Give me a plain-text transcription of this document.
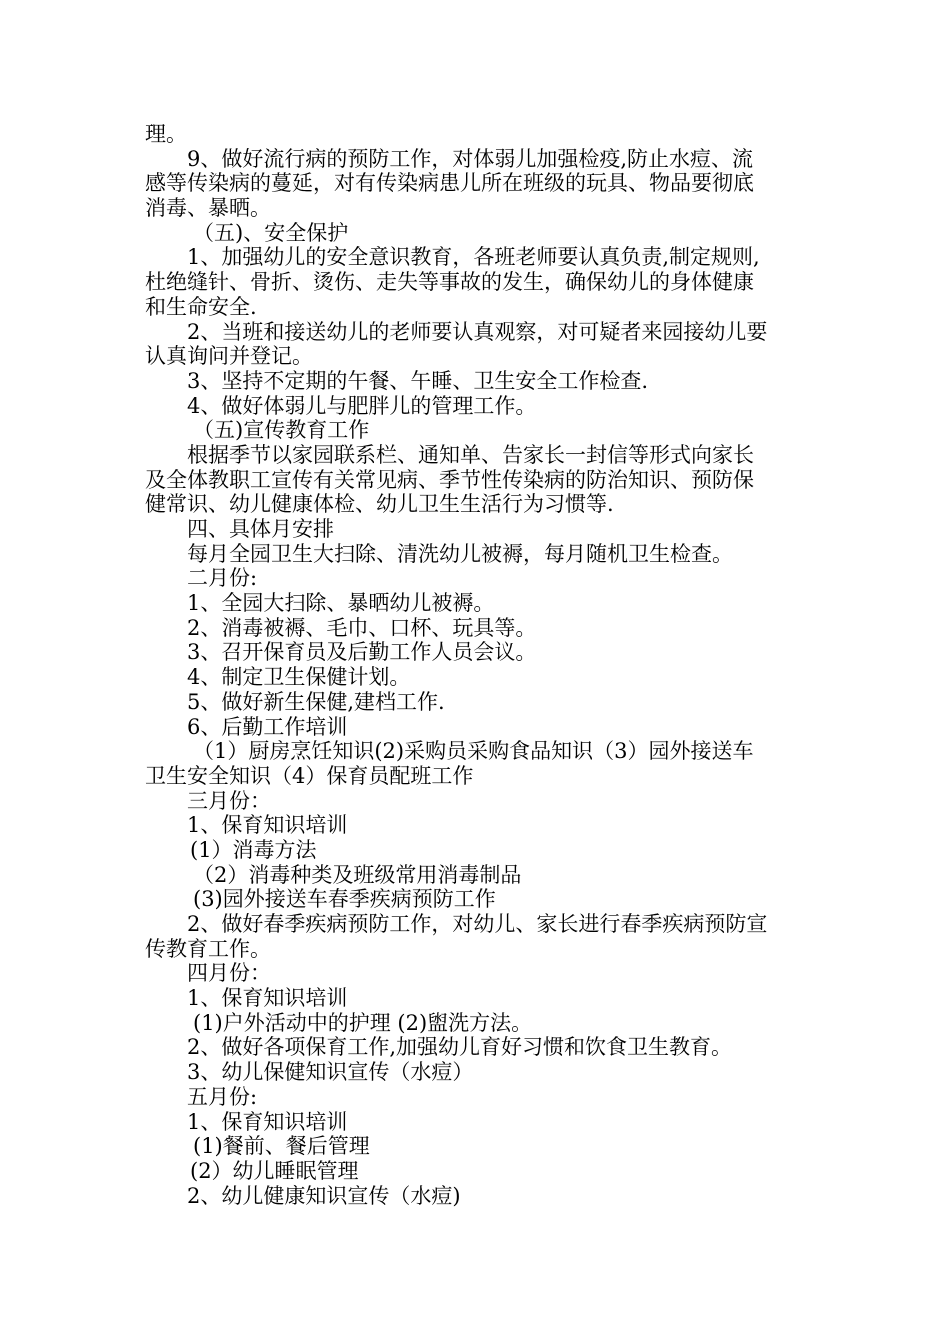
理。
9、做好流行病的预防工作，对体弱儿加强检疫,防止水痘、流
感等传染病的蔓延，对有传染病患儿所在班级的玩具、物品要彻底
消毒、暴晒。
（五)、安全保护
1、加强幼儿的安全意识教育，各班老师要认真负责,制定规则,
杜绝缝针、骨折、烫伤、走失等事故的发生，确保幼儿的身体健康
和生命安全.
2、当班和接送幼儿的老师要认真观察，对可疑者来园接幼儿要
认真询问并登记。
3、坚持不定期的午餐、午睡、卫生安全工作检查.
4、做好体弱儿与肥胖儿的管理工作。
（五)宣传教育工作
根据季节以家园联系栏、通知单、告家长一封信等形式向家长
及全体教职工宣传有关常见病、季节性传染病的防治知识、预防保
健常识、幼儿健康体检、幼儿卫生生活行为习惯等.
四、具体月安排
每月全园卫生大扫除、清洗幼儿被褥，每月随机卫生检查。
二月份:
1、全园大扫除、暴晒幼儿被褥。
2、消毒被褥、毛巾、口杯、玩具等。
3、召开保育员及后勤工作人员会议。
4、制定卫生保健计划。
5、做好新生保健,建档工作.
6、后勤工作培训
（1）厨房烹饪知识(2)采购员采购食品知识（3）园外接送车
卫生安全知识（4）保育员配班工作
三月份：
1、保育知识培训
(1）消毒方法
（2）消毒种类及班级常用消毒制品
(3)园外接送车春季疾病预防工作
2、做好春季疾病预防工作，对幼儿、家长进行春季疾病预防宣
传教育工作。
四月份：
1、保育知识培训
(1)户外活动中的护理 (2)盥洗方法。
2、做好各项保育工作,加强幼儿育好习惯和饮食卫生教育。
3、幼儿保健知识宣传（水痘）
五月份:
1、保育知识培训
(1)餐前、餐后管理
(2）幼儿睡眠管理
2、幼儿健康知识宣传（水痘)
